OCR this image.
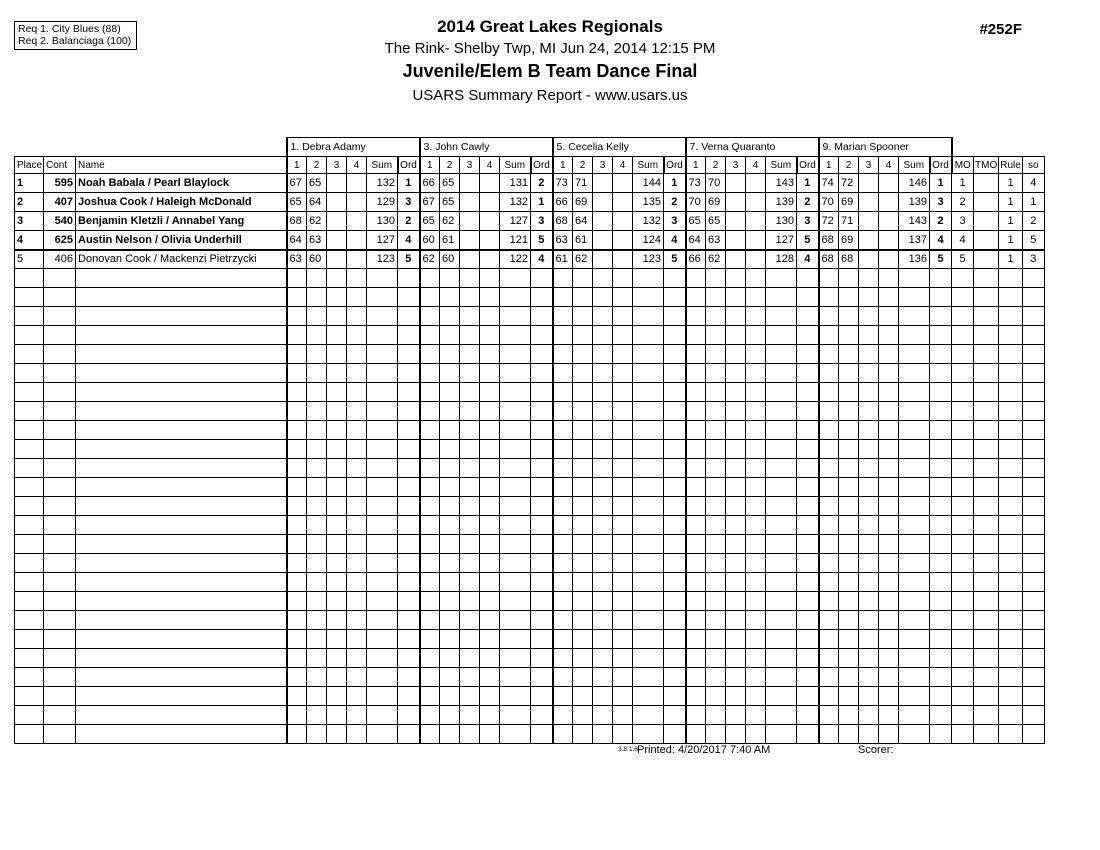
Req 1. City Blues (88)
Req 2. Balanciaga (100)
2014 Great Lakes Regionals
The Rink- Shelby Twp, MI Jun 24, 2014 12:15 PM
Juvenile/Elem B Team Dance Final
USARS Summary Report - www.usars.us
#252F
			1. Debra Adamy						3. John Cawly						5. Cecelia Kelly						7. Verna Quaranto						9. Marian Spooner									
Place	Cont	Name	1	2	3	4	Sum	Ord	1	2	3	4	Sum	Ord	1	2	3	4	Sum	Ord	1	2	3	4	Sum	Ord	1	2	3	4	Sum	Ord	MO	TMO	Rule	so
1	595	Noah Babala / Pearl Blaylock	67	65			132	1	66	65			131	2	73	71			144	1	73	70			143	1	74	72			146	1	1		1	4
2	407	Joshua Cook / Haleigh McDonald	65	64			129	3	67	65			132	1	66	69			135	2	70	69			139	2	70	69			139	3	2		1	1
3	540	Benjamin Kletzli / Annabel Yang	68	62			130	2	65	62			127	3	68	64			132	3	65	65			130	3	72	71			143	2	3		1	2
4	625	Austin Nelson / Olivia Underhill	64	63			127	4	60	61			121	5	63	61			124	4	64	63			127	5	68	69			137	4	4		1	5
5	406	Donovan Cook / Mackenzi Pietrzycki	63	60			123	5	62	60			122	4	61	62			123	5	66	62			128	4	68	68			136	5	5		1	3

3.8.1.6 Printed: 4/20/2017 7:40 AM	Scorer:
